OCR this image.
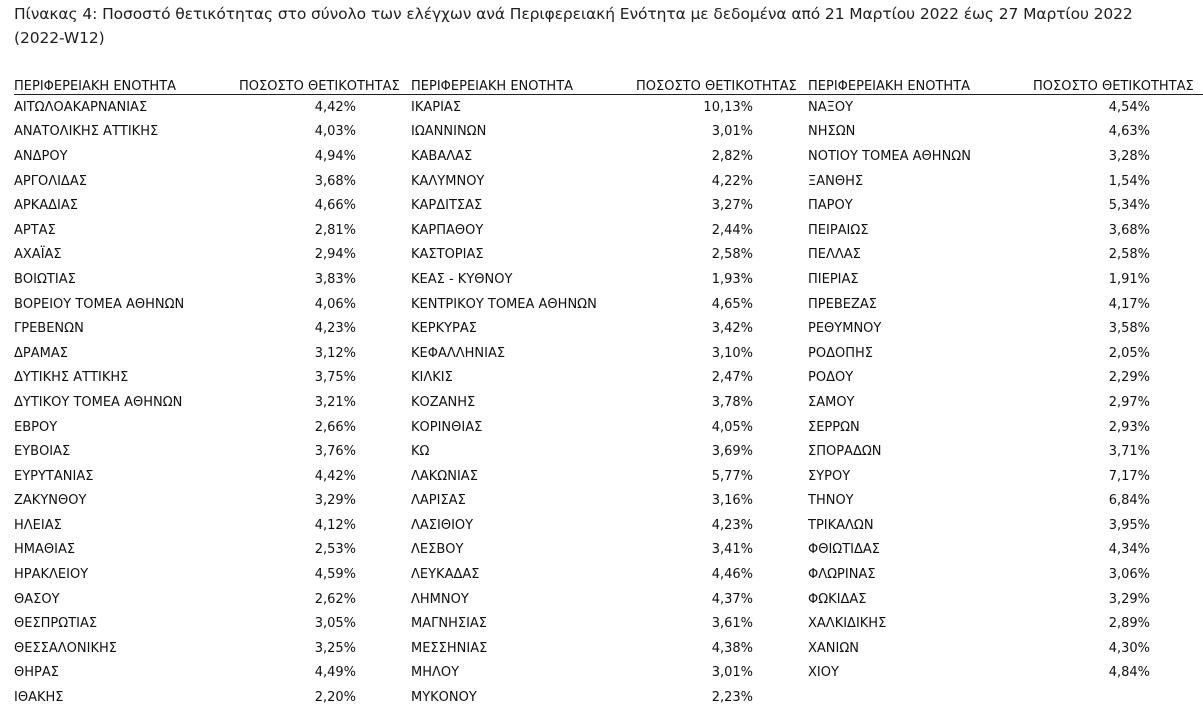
Πίνακας 4: Ποσοστό θετικότητας στο σύνολο των ελέγχων ανά Περιφερειακή Ενότητα με δεδομένα από 21 Μαρτίου 2022 έως 27 Μαρτίου 2022
(2022-W12)
ΠΕΡΙΦΕΡΕΙΑΚΗ ΕΝΟΤΗΤΑ	ΠΟΣΟΣΤΟ ΘΕΤΙΚΟΤΗΤΑΣ	ΠΕΡΙΦΕΡΕΙΑΚΗ ΕΝΟΤΗΤΑ	ΠΟΣΟΣΤΟ ΘΕΤΙΚΟΤΗΤΑΣ	ΠΕΡΙΦΕΡΕΙΑΚΗ ΕΝΟΤΗΤΑ	ΠΟΣΟΣΤΟ ΘΕΤΙΚΟΤΗΤΑΣ
ΑΙΤΩΛΟΑΚΑΡΝΑΝΙΑΣ	4,42%	ΙΚΑΡΙΑΣ	10,13%	ΝΑΞΟΥ	4,54%
ΑΝΑΤΟΛΙΚΗΣ ΑΤΤΙΚΗΣ	4,03%	ΙΩΑΝΝΙΝΩΝ	3,01%	ΝΗΣΩΝ	4,63%
ΑΝΔΡΟΥ	4,94%	ΚΑΒΑΛΑΣ	2,82%	ΝΟΤΙΟΥ ΤΟΜΕΑ ΑΘΗΝΩΝ	3,28%
ΑΡΓΟΛΙΔΑΣ	3,68%	ΚΑΛΥΜΝΟΥ	4,22%	ΞΑΝΘΗΣ	1,54%
ΑΡΚΑΔΙΑΣ	4,66%	ΚΑΡΔΙΤΣΑΣ	3,27%	ΠΑΡΟΥ	5,34%
ΑΡΤΑΣ	2,81%	ΚΑΡΠΑΘΟΥ	2,44%	ΠΕΙΡΑΙΩΣ	3,68%
ΑΧΑΪΑΣ	2,94%	ΚΑΣΤΟΡΙΑΣ	2,58%	ΠΕΛΛΑΣ	2,58%
ΒΟΙΩΤΙΑΣ	3,83%	ΚΕΑΣ - ΚΥΘΝΟΥ	1,93%	ΠΙΕΡΙΑΣ	1,91%
ΒΟΡΕΙΟΥ ΤΟΜΕΑ ΑΘΗΝΩΝ	4,06%	ΚΕΝΤΡΙΚΟΥ ΤΟΜΕΑ ΑΘΗΝΩΝ	4,65%	ΠΡΕΒΕΖΑΣ	4,17%
ΓΡΕΒΕΝΩΝ	4,23%	ΚΕΡΚΥΡΑΣ	3,42%	ΡΕΘΥΜΝΟΥ	3,58%
ΔΡΑΜΑΣ	3,12%	ΚΕΦΑΛΛΗΝΙΑΣ	3,10%	ΡΟΔΟΠΗΣ	2,05%
ΔΥΤΙΚΗΣ ΑΤΤΙΚΗΣ	3,75%	ΚΙΛΚΙΣ	2,47%	ΡΟΔΟΥ	2,29%
ΔΥΤΙΚΟΥ ΤΟΜΕΑ ΑΘΗΝΩΝ	3,21%	ΚΟΖΑΝΗΣ	3,78%	ΣΑΜΟΥ	2,97%
ΕΒΡΟΥ	2,66%	ΚΟΡΙΝΘΙΑΣ	4,05%	ΣΕΡΡΩΝ	2,93%
ΕΥΒΟΙΑΣ	3,76%	ΚΩ	3,69%	ΣΠΟΡΑΔΩΝ	3,71%
ΕΥΡΥΤΑΝΙΑΣ	4,42%	ΛΑΚΩΝΙΑΣ	5,77%	ΣΥΡΟΥ	7,17%
ΖΑΚΥΝΘΟΥ	3,29%	ΛΑΡΙΣΑΣ	3,16%	ΤΗΝΟΥ	6,84%
ΗΛΕΙΑΣ	4,12%	ΛΑΣΙΘΙΟΥ	4,23%	ΤΡΙΚΑΛΩΝ	3,95%
ΗΜΑΘΙΑΣ	2,53%	ΛΕΣΒΟΥ	3,41%	ΦΘΙΩΤΙΔΑΣ	4,34%
ΗΡΑΚΛΕΙΟΥ	4,59%	ΛΕΥΚΑΔΑΣ	4,46%	ΦΛΩΡΙΝΑΣ	3,06%
ΘΑΣΟΥ	2,62%	ΛΗΜΝΟΥ	4,37%	ΦΩΚΙΔΑΣ	3,29%
ΘΕΣΠΡΩΤΙΑΣ	3,05%	ΜΑΓΝΗΣΙΑΣ	3,61%	ΧΑΛΚΙΔΙΚΗΣ	2,89%
ΘΕΣΣΑΛΟΝΙΚΗΣ	3,25%	ΜΕΣΣΗΝΙΑΣ	4,38%	ΧΑΝΙΩΝ	4,30%
ΘΗΡΑΣ	4,49%	ΜΗΛΟΥ	3,01%	ΧΙΟΥ	4,84%
ΙΘΑΚΗΣ	2,20%	ΜΥΚΟΝΟΥ	2,23%		
